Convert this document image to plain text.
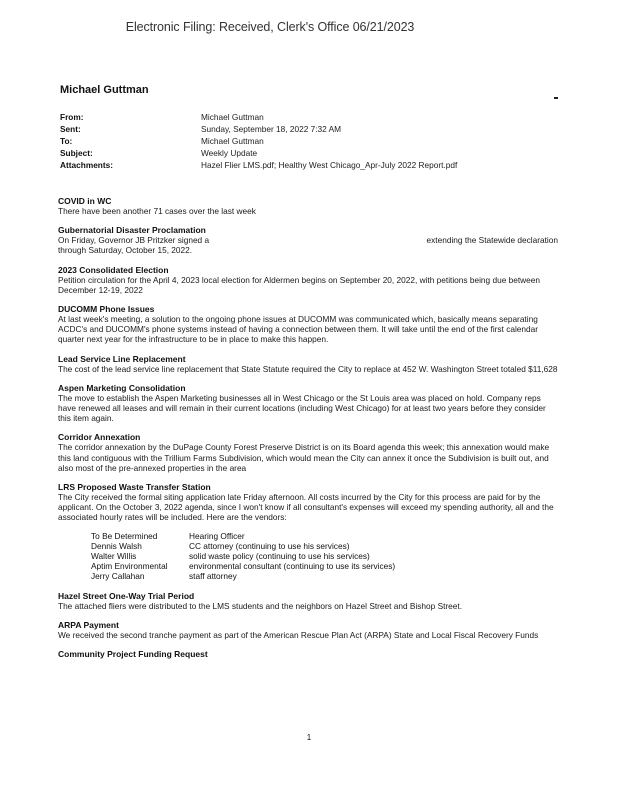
Electronic Filing: Received, Clerk's Office 06/21/2023
Michael Guttman
From:	Michael Guttman
Sent:	Sunday, September 18, 2022 7:32 AM
To:	Michael Guttman
Subject:	Weekly Update
Attachments:	Hazel Flier LMS.pdf; Healthy West Chicago_Apr-July 2022 Report.pdf
COVID in WC

There have been another 71 cases over the last week

Gubernatorial Disaster Proclamation

On Friday, Governor JB Pritzker signed a	extending the Statewide declaration

through Saturday, October 15, 2022.

2023 Consolidated Election

Petition circulation for the April 4, 2023 local election for Aldermen begins on September 20, 2022, with petitions being due between December 12-19, 2022

DUCOMM Phone Issues

At last week's meeting, a solution to the ongoing phone issues at DUCOMM was communicated which, basically means separating ACDC's and DUCOMM's phone systems instead of having a connection between them. It will take until the end of the first calendar quarter next year for the infrastructure to be in place to make this happen.

Lead Service Line Replacement

The cost of the lead service line replacement that State Statute required the City to replace at 452 W. Washington Street totaled $11,628

Aspen Marketing Consolidation

The move to establish the Aspen Marketing businesses all in West Chicago or the St Louis area was placed on hold. Company reps have renewed all leases and will remain in their current locations (including West Chicago) for at least two years before they consider this item again.

Corridor Annexation

The corridor annexation by the DuPage County Forest Preserve District is on its Board agenda this week; this annexation would make this land contiguous with the Trillium Farms Subdivision, which would mean the City can annex it once the Subdivision is built out, and also most of the pre-annexed properties in the area

LRS Proposed Waste Transfer Station

The City received the formal siting application late Friday afternoon. All costs incurred by the City for this process are paid for by the applicant. On the October 3, 2022 agenda, since I won't know if all consultant's expenses will exceed my spending authority, all and the associated hourly rates will be included. Here are the vendors:

To Be Determined	Hearing Officer
Dennis Walsh	CC attorney (continuing to use his services)
Walter Willis	solid waste policy (continuing to use his services)
Aptim Environmental	environmental consultant (continuing to use its services)
Jerry Callahan	staff attorney
Hazel Street One-Way Trial Period

The attached fliers were distributed to the LMS students and the neighbors on Hazel Street and Bishop Street.

ARPA Payment

We received the second tranche payment as part of the American Rescue Plan Act (ARPA) State and Local Fiscal Recovery Funds

Community Project Funding Request
1
